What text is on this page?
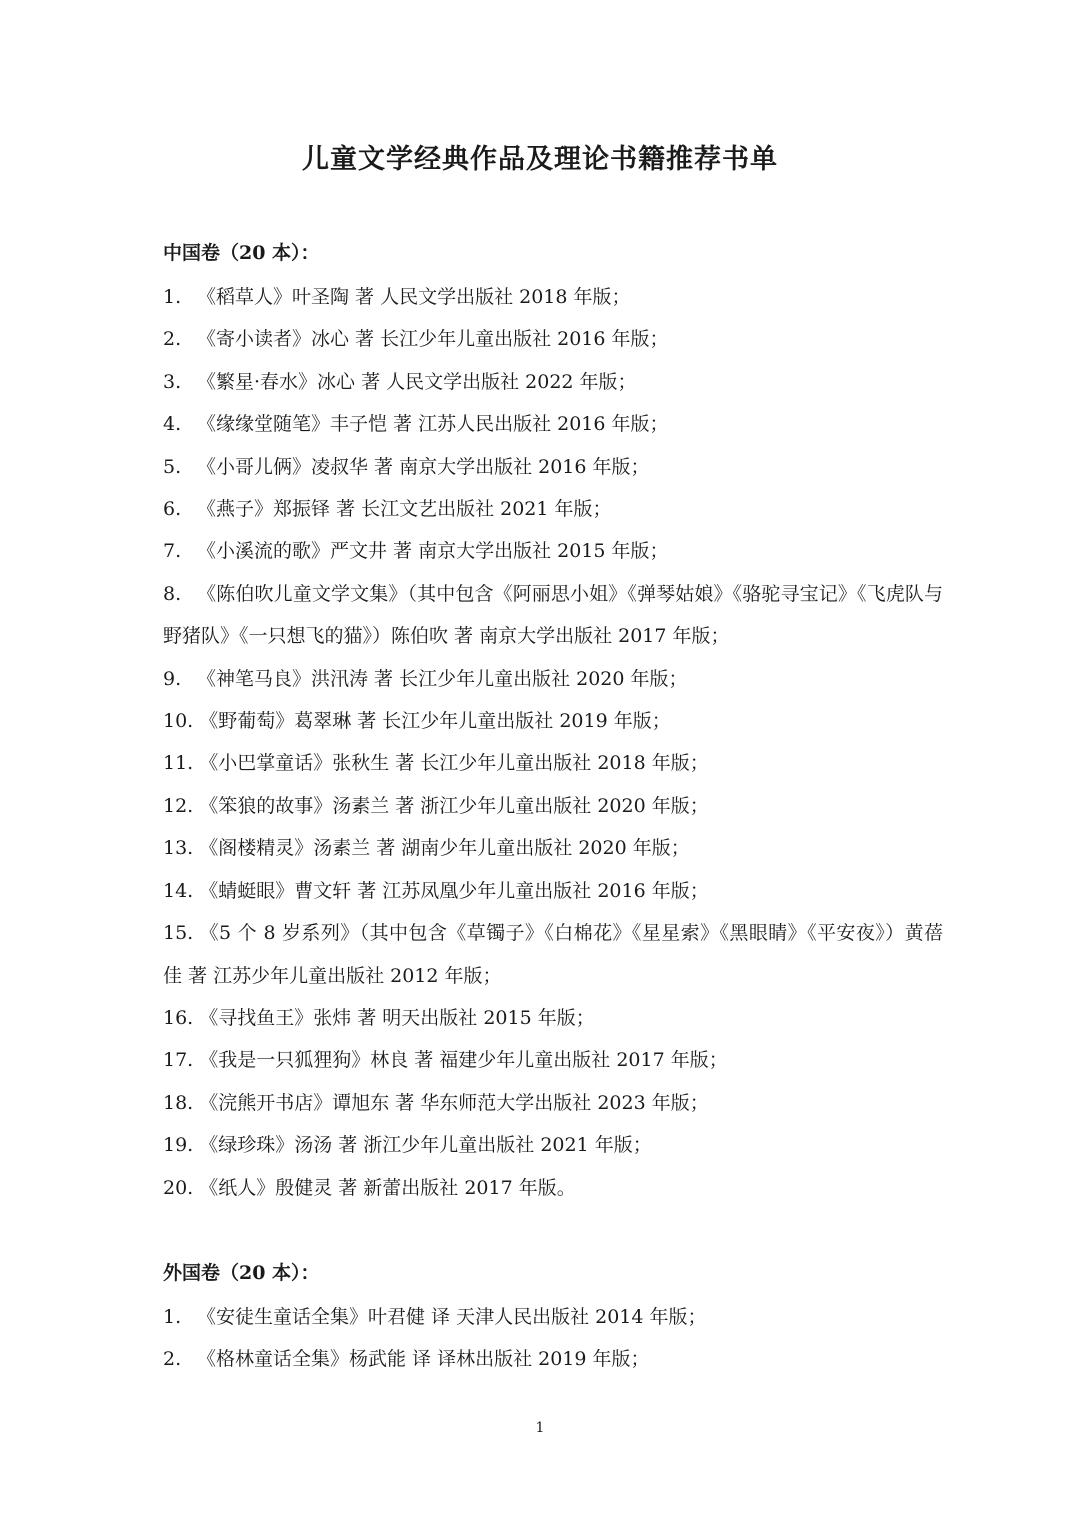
儿童文学经典作品及理论书籍推荐书单
中国卷（20 本）：
1. 《稻草人》叶圣陶 著 人民文学出版社 2018 年版；
2. 《寄小读者》冰心 著 长江少年儿童出版社 2016 年版；
3. 《繁星·春水》冰心 著 人民文学出版社 2022 年版；
4. 《缘缘堂随笔》丰子恺 著 江苏人民出版社 2016 年版；
5. 《小哥儿俩》凌叔华 著 南京大学出版社 2016 年版；
6. 《燕子》郑振铎 著 长江文艺出版社 2021 年版；
7. 《小溪流的歌》严文井 著 南京大学出版社 2015 年版；
8. 《陈伯吹儿童文学文集》（其中包含《阿丽思小姐》《弹琴姑娘》《骆驼寻宝记》《飞虎队与野猪队》《一只想飞的猫》）陈伯吹 著 南京大学出版社 2017 年版；
9. 《神笔马良》洪汛涛 著 长江少年儿童出版社 2020 年版；
10. 《野葡萄》葛翠琳 著 长江少年儿童出版社 2019 年版；
11. 《小巴掌童话》张秋生 著 长江少年儿童出版社 2018 年版；
12. 《笨狼的故事》汤素兰 著 浙江少年儿童出版社 2020 年版；
13. 《阁楼精灵》汤素兰 著 湖南少年儿童出版社 2020 年版；
14. 《蜻蜓眼》曹文轩 著 江苏凤凰少年儿童出版社 2016 年版；
15. 《5 个 8 岁系列》（其中包含《草镯子》《白棉花》《星星索》《黑眼睛》《平安夜》）黄蓓佳 著 江苏少年儿童出版社 2012 年版；
16. 《寻找鱼王》张炜 著 明天出版社 2015 年版；
17. 《我是一只狐狸狗》林良 著 福建少年儿童出版社 2017 年版；
18. 《浣熊开书店》谭旭东 著 华东师范大学出版社 2023 年版；
19. 《绿珍珠》汤汤 著 浙江少年儿童出版社 2021 年版；
20. 《纸人》殷健灵 著 新蕾出版社 2017 年版。
外国卷（20 本）：
1. 《安徒生童话全集》叶君健 译 天津人民出版社 2014 年版；
2. 《格林童话全集》杨武能 译 译林出版社 2019 年版；
1
